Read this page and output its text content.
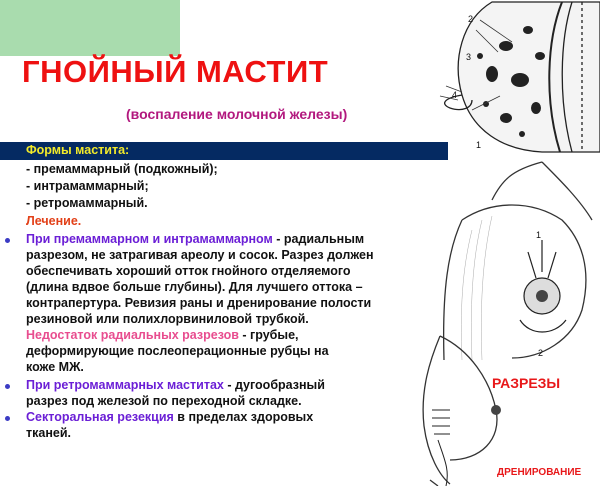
ГНОЙНЫЙ МАСТИТ
(воспаление молочной железы)
Формы мастита:
- премаммарный (подкожный);
- интрамаммарный;
- ретромаммарный.
Лечение.
При премаммарном и интрамаммарном - радиальным
разрезом, не затрагивая ареолу и сосок. Разрез должен
обеспечивать хороший отток гнойного отделяемого
(длина вдвое больше глубины). Для лучшего оттока –
контрапертура. Ревизия раны и дренирование полости
резиновой или полихлорвиниловой трубкой.
Недостаток радиальных разрезов - грубые,
деформирующие послеоперационные рубцы на
коже МЖ.
При ретромаммарных маститах - дугообразный
разрез под железой по переходной складке.
Секторальная резекция в пределах здоровых
тканей.
2
3
4
1
1
2
РАЗРЕЗЫ
ДРЕНИРОВАНИЕ
